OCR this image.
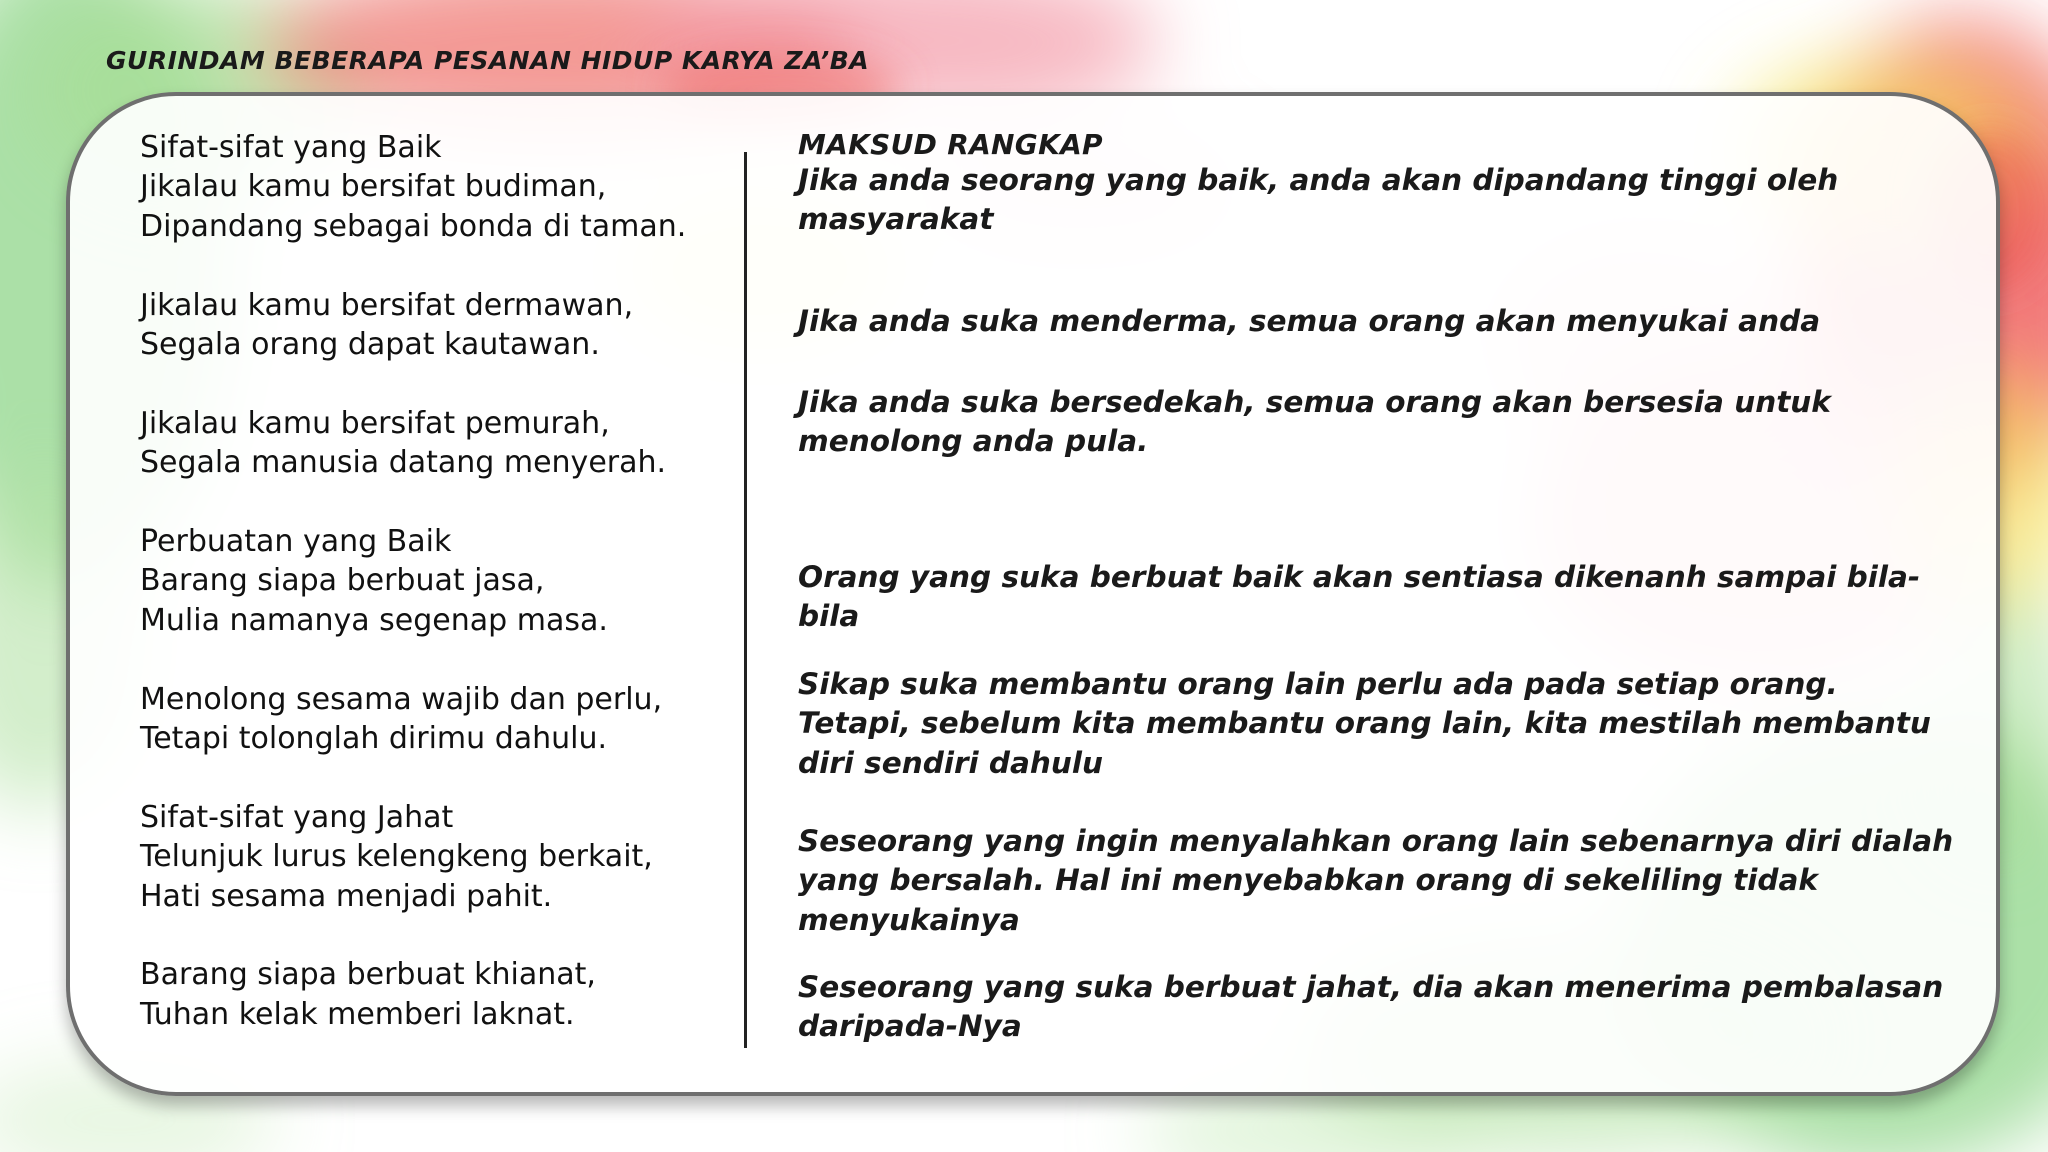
GURINDAM BEBERAPA PESANAN HIDUP KARYA ZA’BA
Sifat-sifat yang Baik
Jikalau kamu bersifat budiman,
Dipandang sebagai bonda di taman.
Jikalau kamu bersifat dermawan,
Segala orang dapat kautawan.
Jikalau kamu bersifat pemurah,
Segala manusia datang menyerah.
Perbuatan yang Baik
Barang siapa berbuat jasa,
Mulia namanya segenap masa.
Menolong sesama wajib dan perlu,
Tetapi tolonglah dirimu dahulu.
Sifat-sifat yang Jahat
Telunjuk lurus kelengkeng berkait,
Hati sesama menjadi pahit.
Barang siapa berbuat khianat,
Tuhan kelak memberi laknat.
MAKSUD RANGKAP
Jika anda seorang yang baik, anda akan dipandang tinggi oleh masyarakat
Jika anda suka menderma, semua orang akan menyukai anda
Jika anda suka bersedekah, semua orang akan bersesia untuk menolong anda pula.
Orang yang suka berbuat baik akan sentiasa dikenanh sampai bila-bila
Sikap suka membantu orang lain perlu ada pada setiap orang. Tetapi, sebelum kita membantu orang lain, kita mestilah membantu diri sendiri dahulu
Seseorang yang ingin menyalahkan orang lain sebenarnya diri dialah yang bersalah. Hal ini menyebabkan orang di sekeliling tidak menyukainya
Seseorang yang suka berbuat jahat, dia akan menerima pembalasan daripada-Nya
